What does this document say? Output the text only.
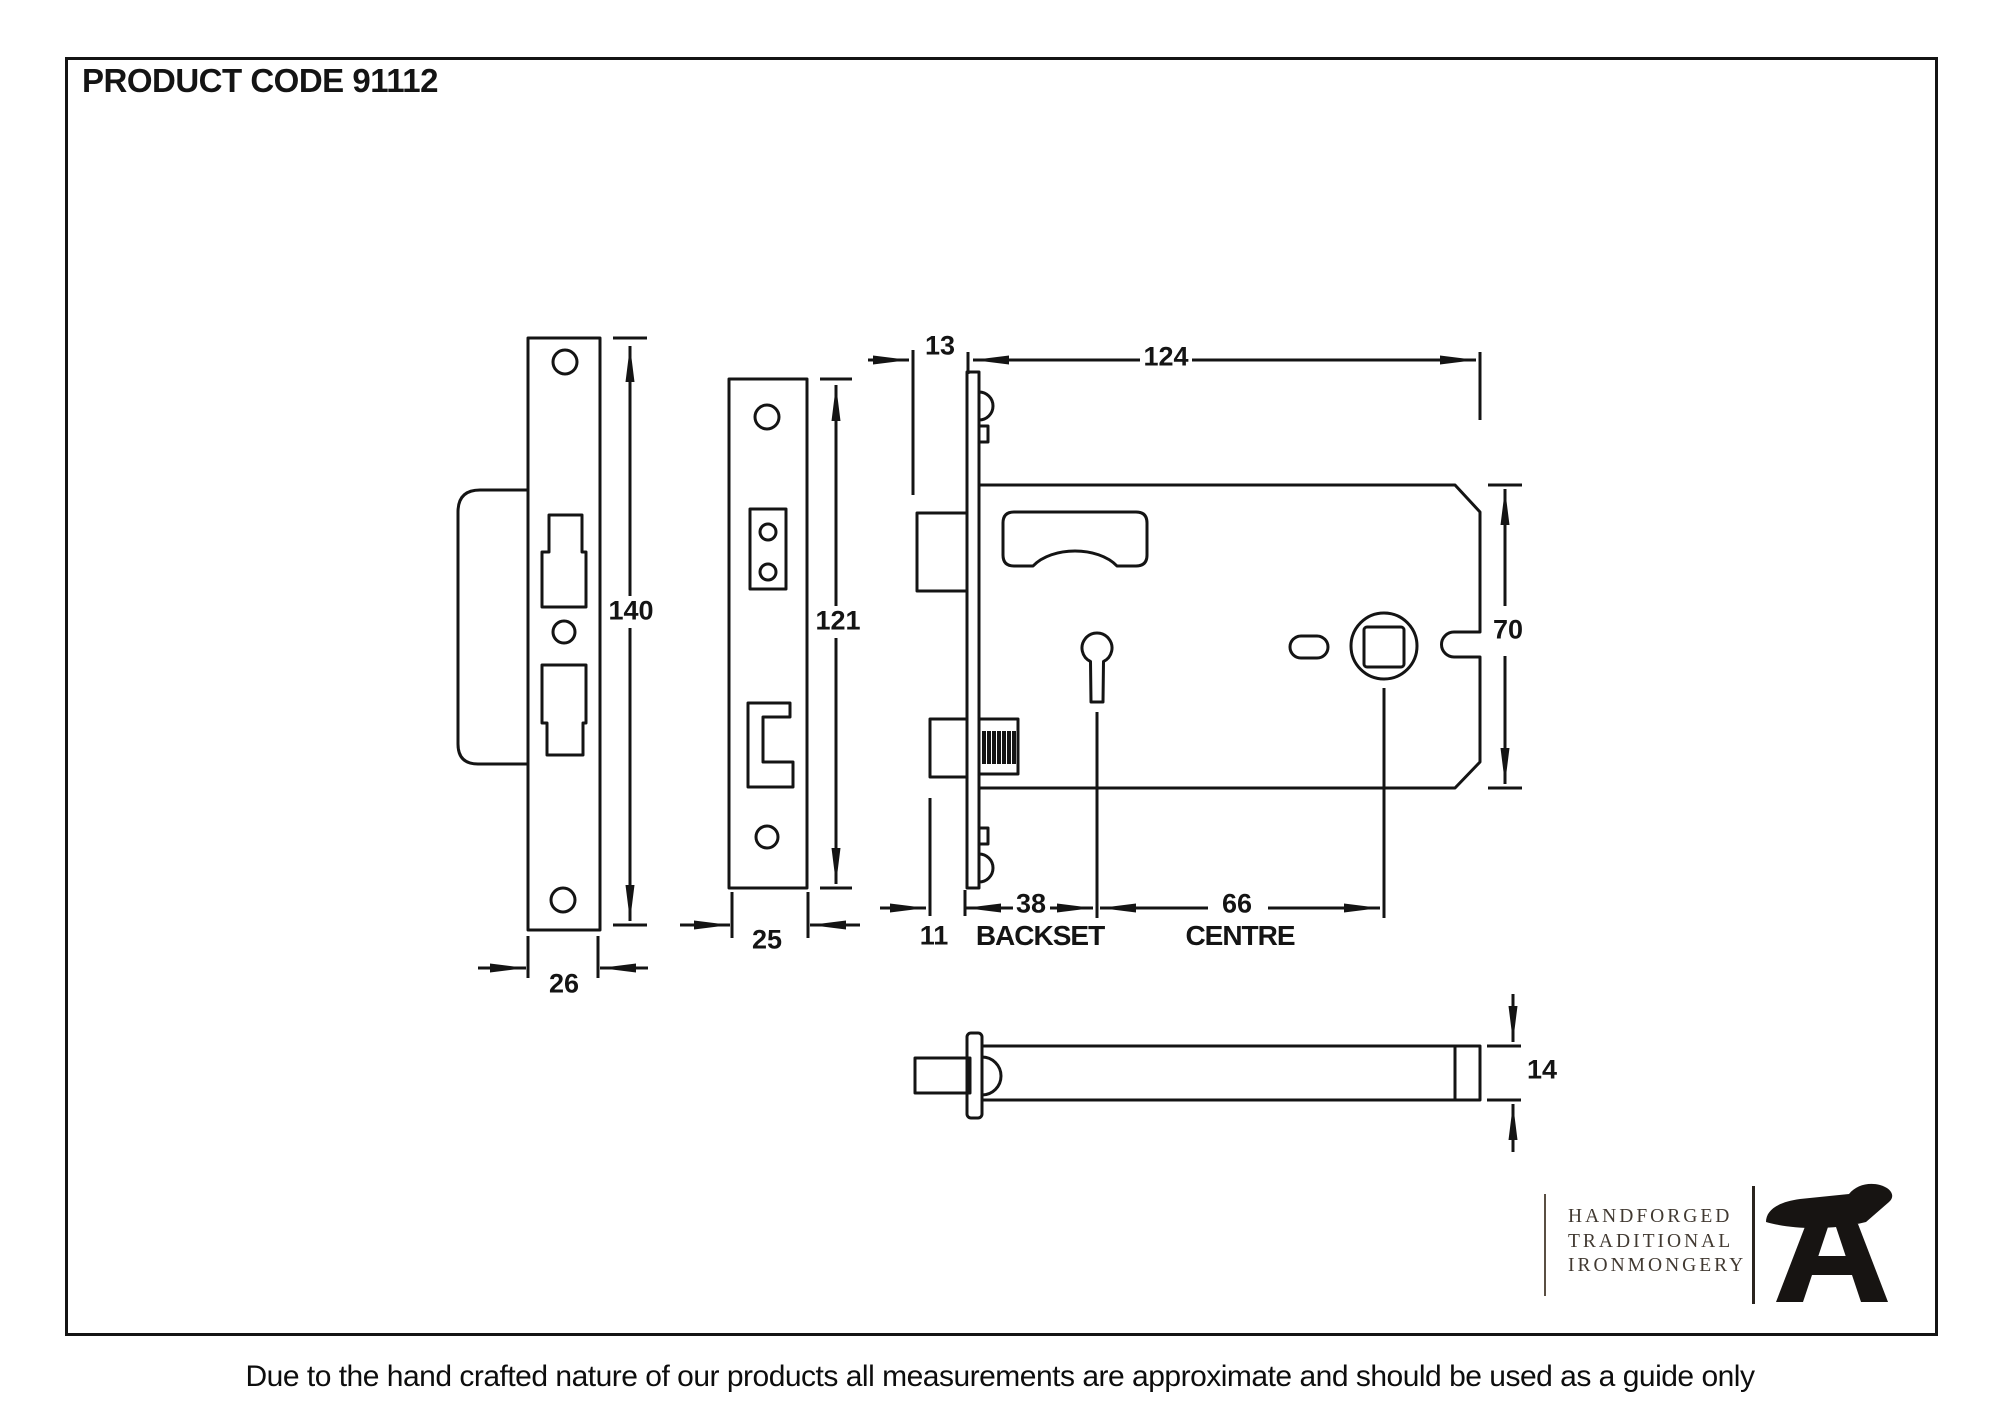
PRODUCT CODE 91112
13	124
140	121	70
26
25	11
38
BACKSET
66
CENTRE
14
HANDFORGED
TRADITIONAL
IRONMONGERY
Due to the hand crafted nature of our products all measurements are approximate and should be used as a guide only
